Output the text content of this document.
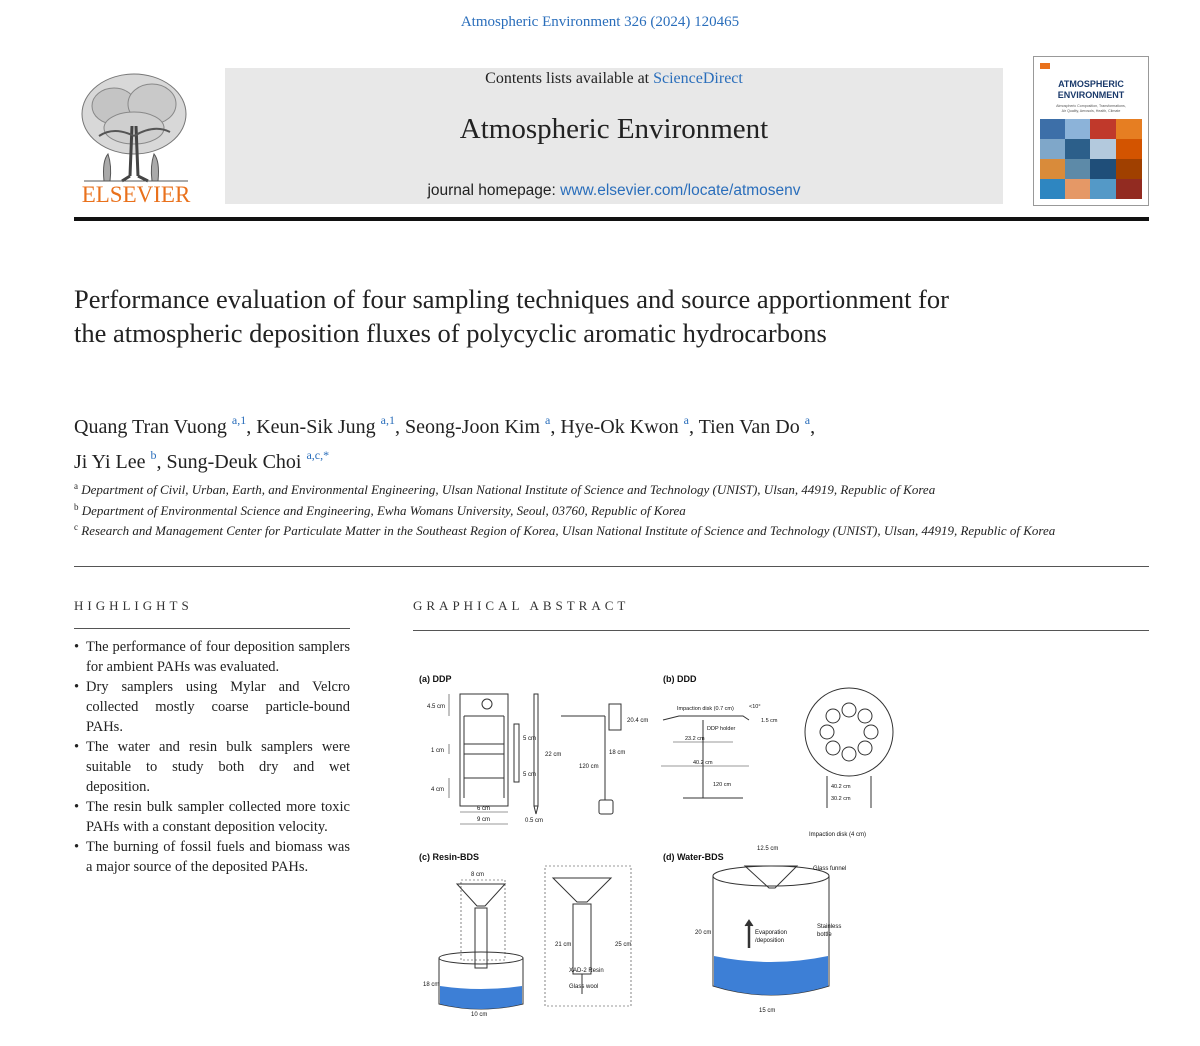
Atmospheric Environment 326 (2024) 120465
ELSEVIER
Contents lists available at ScienceDirect
Atmospheric Environment
journal homepage: www.elsevier.com/locate/atmosenv
ATMOSPHERIC
ENVIRONMENT
Atmospheric Composition, Transformations,
Air Quality, Aerosols, Health, Climate
Performance evaluation of four sampling techniques and source apportionment for the atmospheric deposition fluxes of polycyclic aromatic hydrocarbons
Quang Tran Vuong $^{a,1}$, Keun-Sik Jung $^{a,1}$, Seong-Joon Kim $^a$, Hye-Ok Kwon $^a$, Tien Van Do $^a$,
Ji Yi Lee $^b$, Sung-Deuk Choi $^{a,c,*}$
$^a$ Department of Civil, Urban, Earth, and Environmental Engineering, Ulsan National Institute of Science and Technology (UNIST), Ulsan, 44919, Republic of Korea
$^b$ Department of Environmental Science and Engineering, Ewha Womans University, Seoul, 03760, Republic of Korea
$^c$ Research and Management Center for Particulate Matter in the Southeast Region of Korea, Ulsan National Institute of Science and Technology (UNIST), Ulsan, 44919, Republic of Korea
HIGHLIGHTS
• The performance of four deposition samplers for ambient PAHs was evaluated.
• Dry samplers using Mylar and Velcro collected mostly coarse particle-bound PAHs.
• The water and resin bulk samplers were suitable to study both dry and wet deposition.
• The resin bulk sampler collected more toxic PAHs with a constant deposition velocity.
• The burning of fossil fuels and biomass was a major source of the deposited PAHs.
GRAPHICAL ABSTRACT
(a) DDP
4.5 cm
1 cm
4 cm
5 cm
5 cm
22 cm
6 cm
9 cm	0.5 cm
120 cm
20.4 cm
18 cm
(b) DDD
Impaction disk (0.7 cm)	<10°
1.5 cm
DDP holder
23.2 cm
40.2 cm
120 cm	40.2 cm
30.2 cm
Impaction disk (4 cm)
(c) Resin-BDS
8 cm
18 cm
10 cm
21 cm	25 cm
XAD-2 Resin
Glass wool
(d) Water-BDS
12.5 cm
Glass funnel
20 cm	Evaporation
/deposition
Stainless
bottle
15 cm
